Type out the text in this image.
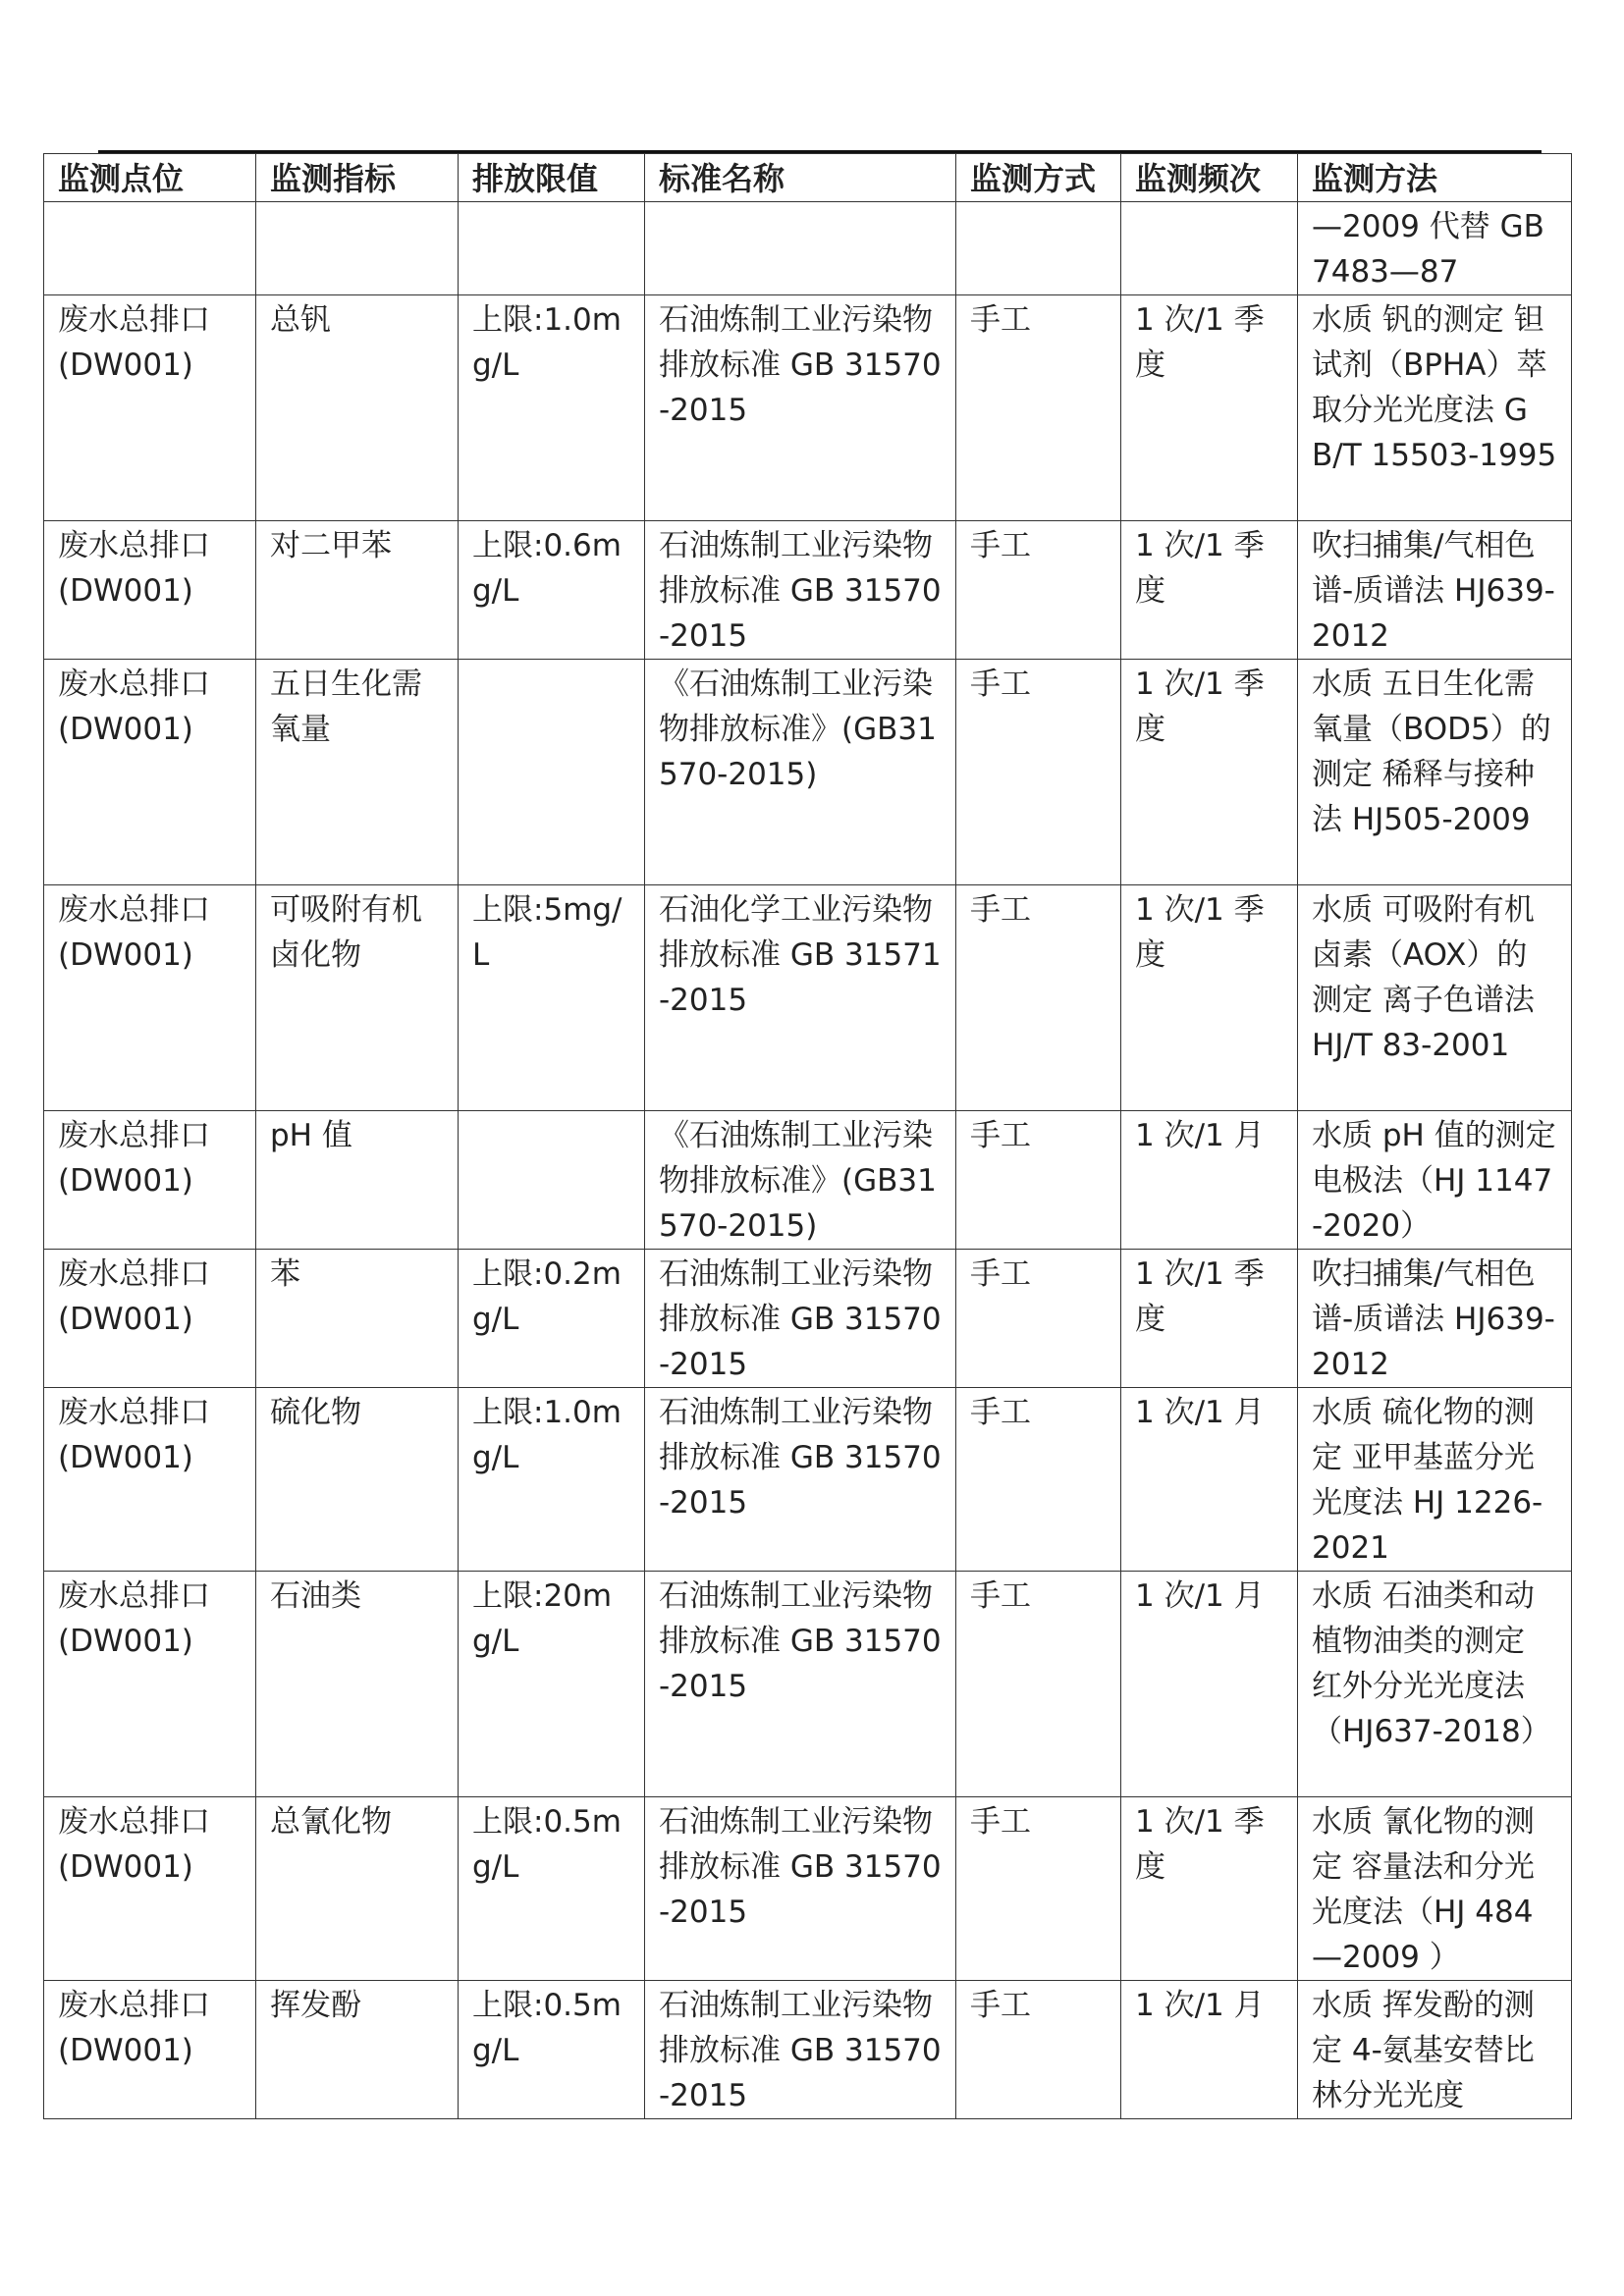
监测点位	监测指标	排放限值	标准名称	监测方式	监测频次	监测方法
						—2009 代替 GB 7483—87
废水总排口 (DW001)	总钒	上限:1.0mg/L	石油炼制工业污染物排放标准 GB 31570-2015	手工	1 次/1 季度	水质 钒的测定 钽试剂（BPHA）萃取分光光度法 GB/T 15503-1995
废水总排口 (DW001)	对二甲苯	上限:0.6mg/L	石油炼制工业污染物排放标准 GB 31570-2015	手工	1 次/1 季度	吹扫捕集/气相色谱-质谱法 HJ639-2012
废水总排口 (DW001)	五日生化需氧量		《石油炼制工业污染物排放标准》(GB31570-2015)	手工	1 次/1 季度	水质 五日生化需氧量（BOD5）的测定 稀释与接种法 HJ505-2009
废水总排口 (DW001)	可吸附有机卤化物	上限:5mg/L	石油化学工业污染物排放标准 GB 31571-2015	手工	1 次/1 季度	水质 可吸附有机卤素（AOX）的测定 离子色谱法 HJ/T 83-2001
废水总排口 (DW001)	pH 值		《石油炼制工业污染物排放标准》(GB31570-2015)	手工	1 次/1 月	水质 pH 值的测定 电极法（HJ 1147-2020）
废水总排口 (DW001)	苯	上限:0.2mg/L	石油炼制工业污染物排放标准 GB 31570-2015	手工	1 次/1 季度	吹扫捕集/气相色谱-质谱法 HJ639-2012
废水总排口 (DW001)	硫化物	上限:1.0mg/L	石油炼制工业污染物排放标准 GB 31570-2015	手工	1 次/1 月	水质 硫化物的测定 亚甲基蓝分光光度法 HJ 1226-2021
废水总排口 (DW001)	石油类	上限:20mg/L	石油炼制工业污染物排放标准 GB 31570-2015	手工	1 次/1 月	水质 石油类和动植物油类的测定 红外分光光度法 （HJ637-2018）
废水总排口 (DW001)	总氰化物	上限:0.5mg/L	石油炼制工业污染物排放标准 GB 31570-2015	手工	1 次/1 季度	水质 氰化物的测定 容量法和分光光度法（HJ 484—2009 ）
废水总排口 (DW001)	挥发酚	上限:0.5mg/L	石油炼制工业污染物排放标准 GB 31570-2015	手工	1 次/1 月	水质 挥发酚的测定 4-氨基安替比林分光光度
